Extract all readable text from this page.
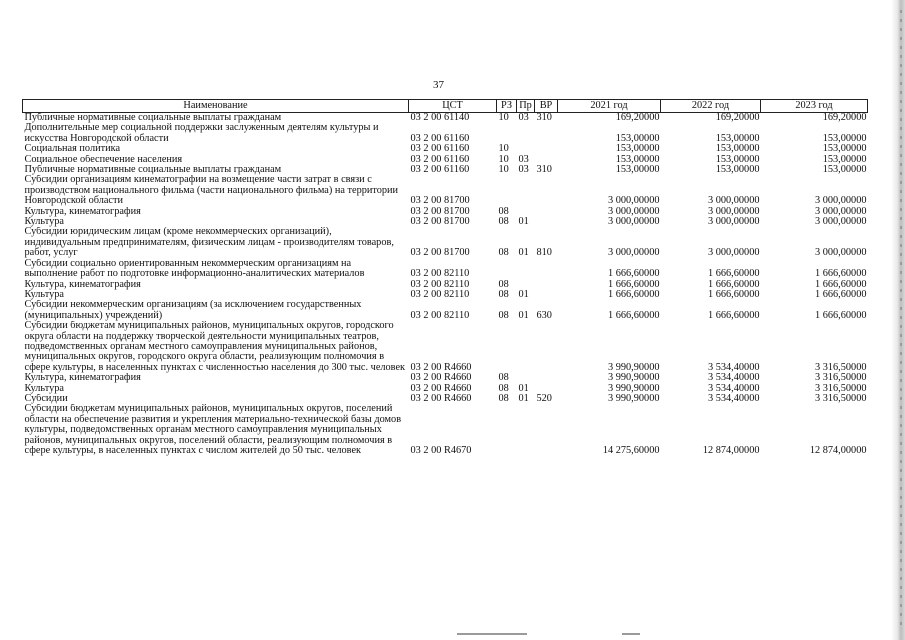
37
Наименование	ЦСТ	РЗ	Пр	ВР	2021 год	2022 год	2023 год
Публичные нормативные социальные выплаты гражданам	03 2 00 61140	10	03	310	169,20000	169,20000	169,20000
Дополнительные мер социальной поддержки заслуженным деятелям культуры и искусства Новгородской области	03 2 00 61160				153,00000	153,00000	153,00000
Социальная политика	03 2 00 61160	10			153,00000	153,00000	153,00000
Социальное обеспечение населения	03 2 00 61160	10	03		153,00000	153,00000	153,00000
Публичные нормативные социальные выплаты гражданам	03 2 00 61160	10	03	310	153,00000	153,00000	153,00000
Субсидии организациям кинематографии на возмещение части затрат в связи с производством национального фильма (части национального фильма) на территории Новгородской области	03 2 00 81700				3 000,00000	3 000,00000	3 000,00000
Культура, кинематография	03 2 00 81700	08			3 000,00000	3 000,00000	3 000,00000
Культура	03 2 00 81700	08	01		3 000,00000	3 000,00000	3 000,00000
Субсидии юридическим лицам (кроме некоммерческих организаций), индивидуальным предпринимателям, физическим лицам - производителям товаров, работ, услуг	03 2 00 81700	08	01	810	3 000,00000	3 000,00000	3 000,00000
Субсидии социально ориентированным некоммерческим организациям на выполнение работ по подготовке информационно-аналитических материалов	03 2 00 82110				1 666,60000	1 666,60000	1 666,60000
Культура, кинематография	03 2 00 82110	08			1 666,60000	1 666,60000	1 666,60000
Культура	03 2 00 82110	08	01		1 666,60000	1 666,60000	1 666,60000
Субсидии некоммерческим организациям (за исключением государственных (муниципальных) учреждений)	03 2 00 82110	08	01	630	1 666,60000	1 666,60000	1 666,60000
Субсидии бюджетам муниципальных районов, муниципальных округов, городского округа области на поддержку творческой деятельности муниципальных театров, подведомственных органам местного самоуправления муниципальных районов, муниципальных округов, городского округа области, реализующим полномочия в сфере культуры, в населенных пунктах с численностью населения до 300 тыс. человек	03 2 00 R4660				3 990,90000	3 534,40000	3 316,50000
Культура, кинематография	03 2 00 R4660	08			3 990,90000	3 534,40000	3 316,50000
Культура	03 2 00 R4660	08	01		3 990,90000	3 534,40000	3 316,50000
Субсидии	03 2 00 R4660	08	01	520	3 990,90000	3 534,40000	3 316,50000
Субсидии бюджетам муниципальных районов, муниципальных округов, поселений области на обеспечение развития и укрепления материально-технической базы домов культуры, подведомственных органам местного самоуправления муниципальных районов, муниципальных округов, поселений области, реализующим полномочия в сфере культуры, в населенных пунктах с числом жителей до 50 тыс. человек	03 2 00 R4670				14 275,60000	12 874,00000	12 874,00000
